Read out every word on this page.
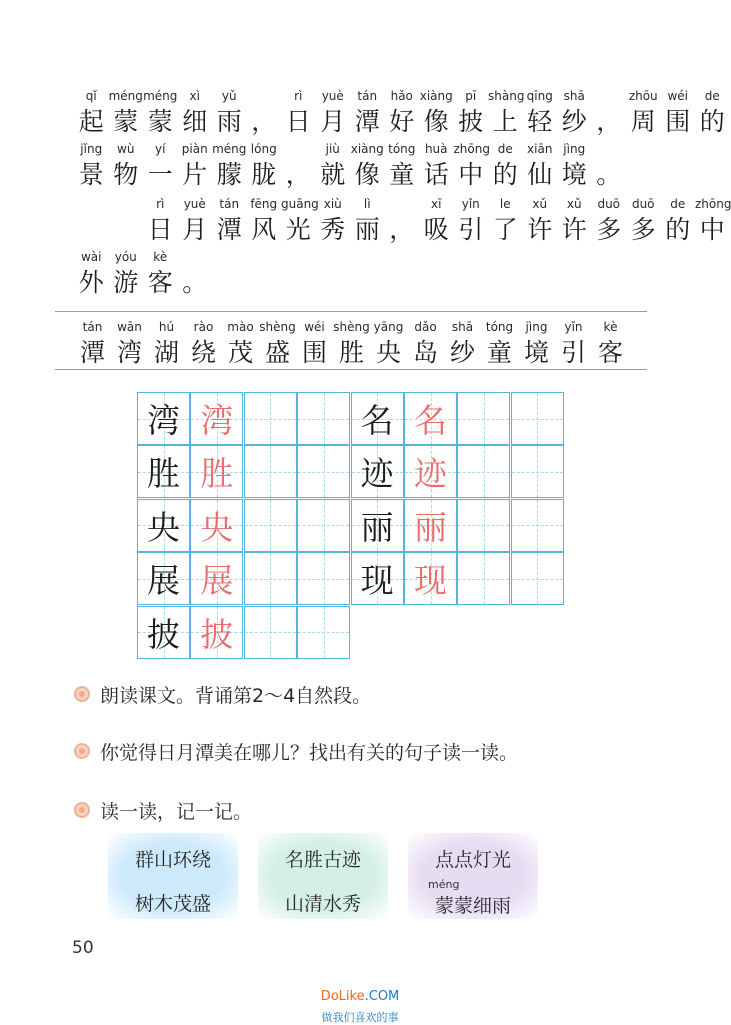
qǐ
起
méng
蒙
méng
蒙
xì
细
yǔ
雨 ，
rì
日
yuè
月
tán
潭
hǎo
好
xiàng
像
pī
披
shàng
上
qīng
轻
shā
纱 ，
zhōu
周
wéi
围
de
的
jǐng
景
wù
物
yí
一
piàn
片
méng
朦
lóng
胧 ，
jiù
就
xiàng
像
tóng
童
huà
话
zhōng
中
de
的
xiān
仙
jìng
境 。
rì
日
yuè
月
tán
潭
fēng
风
guāng
光
xiù
秀
lì
丽 ，
xī
吸
yǐn
引
le
了
xǔ
许
xǔ
许
duō
多
duō
多
de
的
zhōng
中
wài
外
yóu
游
kè
客 。
tán
潭
wān
湾
hú
湖
rào
绕
mào
茂
shèng
盛
wéi
围
shèng
胜
yāng
央
dǎo
岛
shā
纱
tóng
童
jìng
境
yǐn
引
kè
客
湾 湾
胜 胜
央 央
展 展
披 披
名 名
迹 迹
丽 丽
现 现
朗读课文。背诵第2～4自然段。
你觉得日月潭美在哪儿？找出有关的句子读一读。
读一读，记一记。
群山环绕
树木茂盛
名胜古迹
山清水秀
点点灯光
méng
蒙蒙细雨
50
DoLike.COM
做我们喜欢的事
